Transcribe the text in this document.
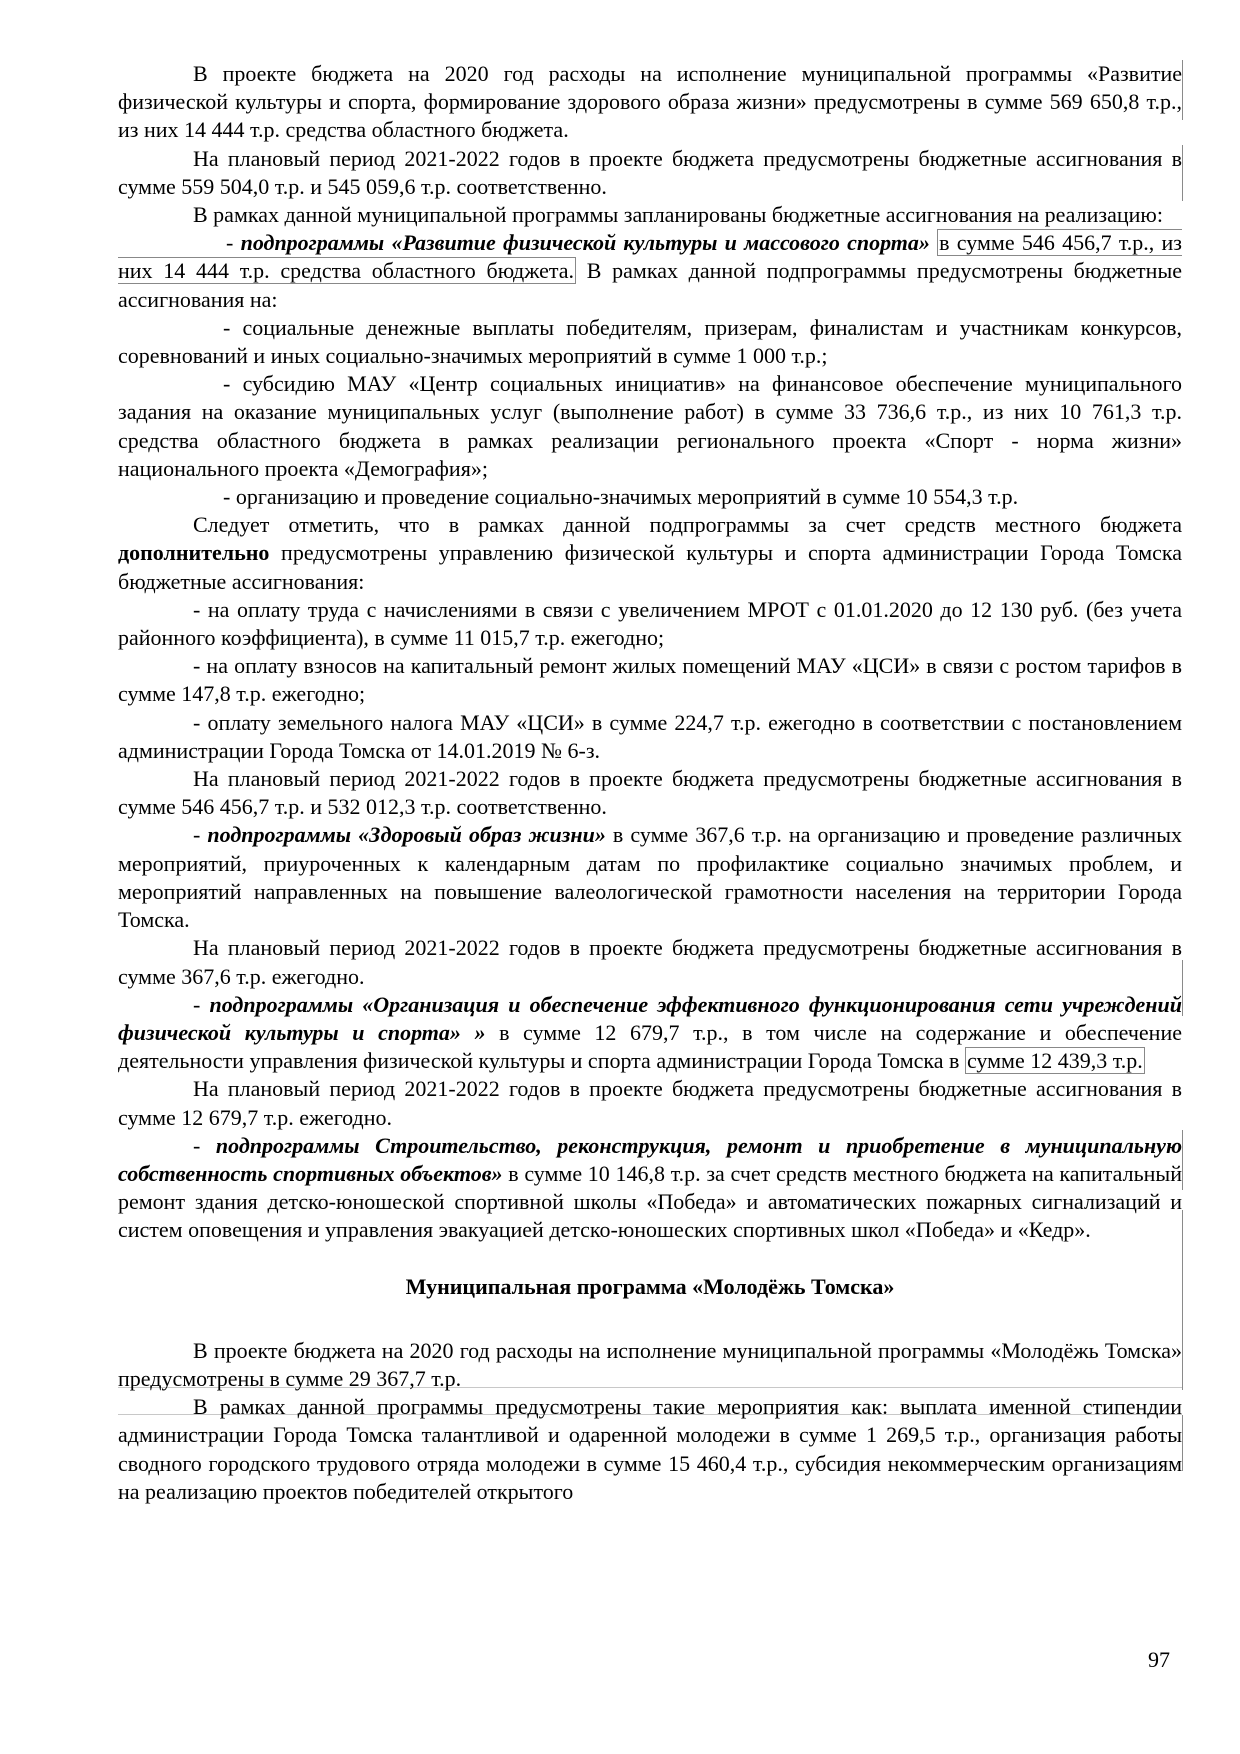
В проекте бюджета на 2020 год расходы на исполнение муниципальной программы «Развитие физической культуры и спорта, формирование здорового образа жизни» предусмотрены в сумме 569 650,8 т.р., из них 14 444 т.р. средства областного бюджета.

На плановый период 2021-2022 годов в проекте бюджета предусмотрены бюджетные ассигнования в сумме 559 504,0 т.р. и 545 059,6 т.р. соответственно.

В рамках данной муниципальной программы запланированы бюджетные ассигнования на реализацию:

- подпрограммы «Развитие физической культуры и массового спорта» в сумме 546 456,7 т.р., из них 14 444 т.р. средства областного бюджета. В рамках данной подпрограммы предусмотрены бюджетные ассигнования на:

- социальные денежные выплаты победителям, призерам, финалистам и участникам конкурсов, соревнований и иных социально-значимых мероприятий в сумме 1 000 т.р.;

- субсидию МАУ «Центр социальных инициатив» на финансовое обеспечение муниципального задания на оказание муниципальных услуг (выполнение работ) в сумме 33 736,6 т.р., из них 10 761,3 т.р. средства областного бюджета в рамках реализации регионального проекта «Спорт - норма жизни» национального проекта «Демография»;

- организацию и проведение социально-значимых мероприятий в сумме 10 554,3 т.р.

Следует отметить, что в рамках данной подпрограммы за счет средств местного бюджета дополнительно предусмотрены управлению физической культуры и спорта администрации Города Томска бюджетные ассигнования:

- на оплату труда с начислениями в связи с увеличением МРОТ с 01.01.2020 до 12 130 руб. (без учета районного коэффициента), в сумме 11 015,7 т.р. ежегодно;

- на оплату взносов на капитальный ремонт жилых помещений МАУ «ЦСИ» в связи с ростом тарифов в сумме 147,8 т.р. ежегодно;

- оплату земельного налога МАУ «ЦСИ» в сумме 224,7 т.р. ежегодно в соответствии с постановлением администрации Города Томска от 14.01.2019 № 6-з.

На плановый период 2021-2022 годов в проекте бюджета предусмотрены бюджетные ассигнования в сумме 546 456,7 т.р. и 532 012,3 т.р. соответственно.

- подпрограммы «Здоровый образ жизни» в сумме 367,6 т.р. на организацию и проведение различных мероприятий, приуроченных к календарным датам по профилактике социально значимых проблем, и мероприятий направленных на повышение валеологической грамотности населения на территории Города Томска.

На плановый период 2021-2022 годов в проекте бюджета предусмотрены бюджетные ассигнования в сумме 367,6 т.р. ежегодно.

- подпрограммы «Организация и обеспечение эффективного функционирования сети учреждений физической культуры и спорта» » в сумме 12 679,7 т.р., в том числе на содержание и обеспечение деятельности управления физической культуры и спорта администрации Города Томска в сумме 12 439,3 т.р.

На плановый период 2021-2022 годов в проекте бюджета предусмотрены бюджетные ассигнования в сумме 12 679,7 т.р. ежегодно.

- подпрограммы Строительство, реконструкция, ремонт и приобретение в муниципальную собственность спортивных объектов» в сумме 10 146,8 т.р. за счет средств местного бюджета на капитальный ремонт здания детско-юношеской спортивной школы «Победа» и автоматических пожарных сигнализаций и систем оповещения и управления эвакуацией детско-юношеских спортивных школ «Победа» и «Кедр».

Муниципальная программа «Молодёжь Томска»

В проекте бюджета на 2020 год расходы на исполнение муниципальной программы «Молодёжь Томска» предусмотрены в сумме 29 367,7 т.р.

В рамках данной программы предусмотрены такие мероприятия как: выплата именной стипендии администрации Города Томска талантливой и одаренной молодежи в сумме 1 269,5 т.р., организация работы сводного городского трудового отряда молодежи в сумме 15 460,4 т.р., субсидия некоммерческим организациям на реализацию проектов победителей открытого

97
